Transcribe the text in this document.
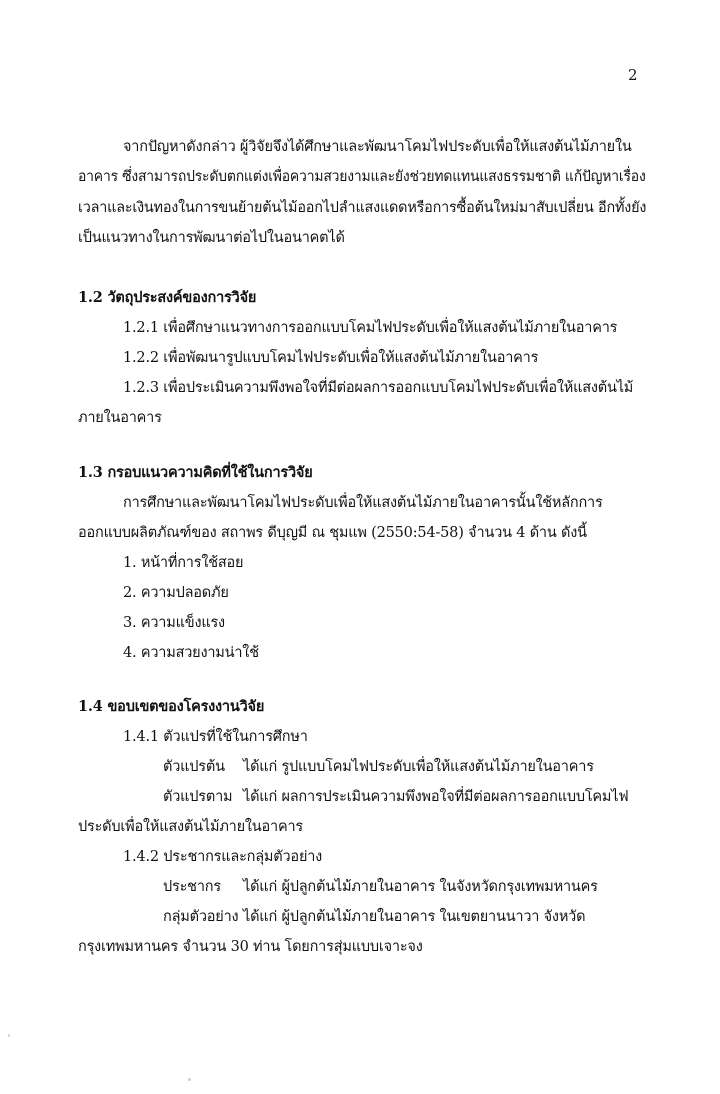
2
จากปัญหาดังกล่าว ผู้วิจัยจึงได้ศึกษาและพัฒนาโคมไฟประดับเพื่อให้แสงต้นไม้ภายใน
อาคาร ซึ่งสามารถประดับตกแต่งเพื่อความสวยงามและยังช่วยทดแทนแสงธรรมชาติ แก้ปัญหาเรื่อง
เวลาและเงินทองในการขนย้ายต้นไม้ออกไปลำแสงแดดหรือการซื้อต้นใหม่มาสับเปลี่ยน อีกทั้งยัง
เป็นแนวทางในการพัฒนาต่อไปในอนาคตได้
1.2 วัตถุประสงค์ของการวิจัย
1.2.1 เพื่อศึกษาแนวทางการออกแบบโคมไฟประดับเพื่อให้แสงต้นไม้ภายในอาคาร
1.2.2 เพื่อพัฒนารูปแบบโคมไฟประดับเพื่อให้แสงต้นไม้ภายในอาคาร
1.2.3 เพื่อประเมินความพึงพอใจที่มีต่อผลการออกแบบโคมไฟประดับเพื่อให้แสงต้นไม้
ภายในอาคาร
1.3 กรอบแนวความคิดที่ใช้ในการวิจัย
การศึกษาและพัฒนาโคมไฟประดับเพื่อให้แสงต้นไม้ภายในอาคารนั้นใช้หลักการ
ออกแบบผลิตภัณฑ์ของ สถาพร ดีบุญมี ณ ชุมแพ (2550:54-58) จำนวน 4 ด้าน ดังนี้
1. หน้าที่การใช้สอย
2. ความปลอดภัย
3. ความแข็งแรง
4. ความสวยงามน่าใช้
1.4 ขอบเขตของโครงงานวิจัย
1.4.1 ตัวแปรที่ใช้ในการศึกษา
ตัวแปรต้น ได้แก่ รูปแบบโคมไฟประดับเพื่อให้แสงต้นไม้ภายในอาคาร
ตัวแปรตาม ได้แก่ ผลการประเมินความพึงพอใจที่มีต่อผลการออกแบบโคมไฟ
ประดับเพื่อให้แสงต้นไม้ภายในอาคาร
1.4.2 ประชากรและกลุ่มตัวอย่าง
ประชากร ได้แก่ ผู้ปลูกต้นไม้ภายในอาคาร ในจังหวัดกรุงเทพมหานคร
กลุ่มตัวอย่าง ได้แก่ ผู้ปลูกต้นไม้ภายในอาคาร ในเขตยานนาวา จังหวัด
กรุงเทพมหานคร จำนวน 30 ท่าน โดยการสุ่มแบบเจาะจง
